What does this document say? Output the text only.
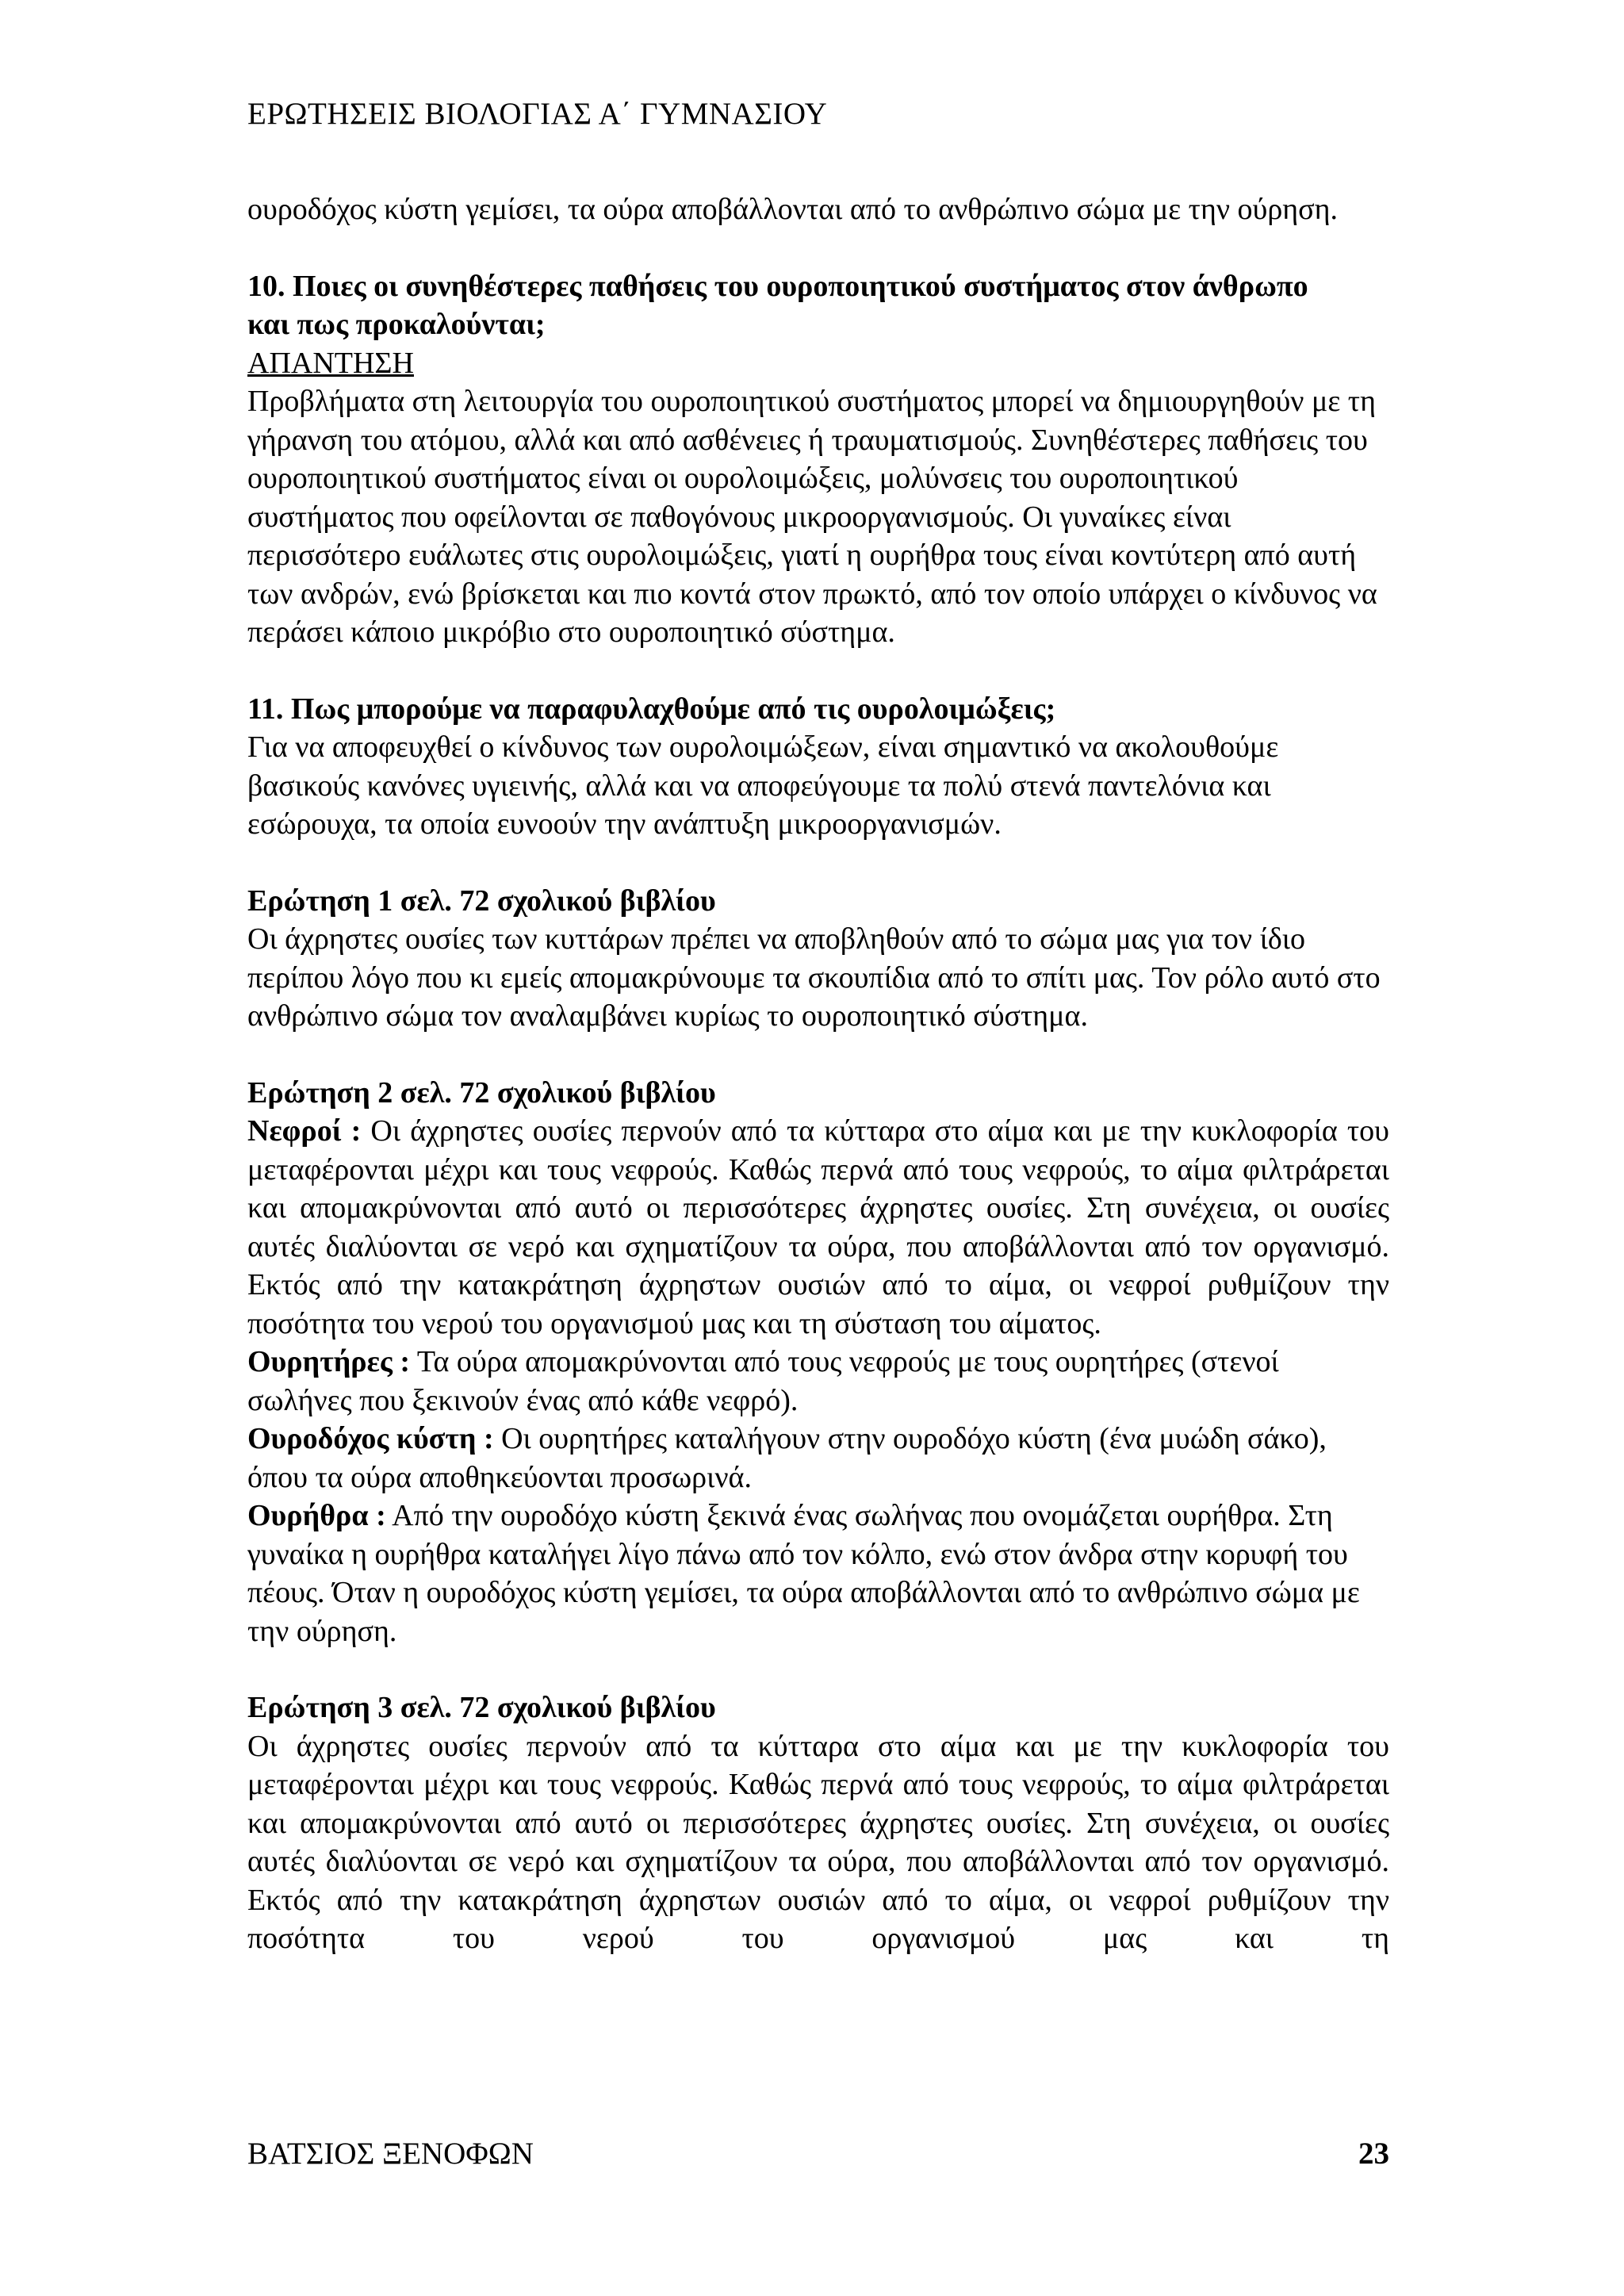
ΕΡΩΤΗΣΕΙΣ ΒΙΟΛΟΓΙΑΣ Α΄ ΓΥΜΝΑΣΙΟΥ

ουροδόχος κύστη γεμίσει, τα ούρα αποβάλλονται από το ανθρώπινο σώμα με την ούρηση.

10. Ποιες οι συνηθέστερες παθήσεις του ουροποιητικού συστήματος στον άνθρωπο και πως προκαλούνται;

ΑΠΑΝΤΗΣΗ

Προβλήματα στη λειτουργία του ουροποιητικού συστήματος μπορεί να δημιουργηθούν με τη γήρανση του ατόμου, αλλά και από ασθένειες ή τραυματισμούς. Συνηθέστερες παθήσεις του ουροποιητικού συστήματος είναι οι ουρολοιμώξεις, μολύνσεις του ουροποιητικού συστήματος που οφείλονται σε παθογόνους μικροοργανισμούς. Οι γυναίκες είναι περισσότερο ευάλωτες στις ουρολοιμώξεις, γιατί η ουρήθρα τους είναι κοντύτερη από αυτή των ανδρών, ενώ βρίσκεται και πιο κοντά στον πρωκτό, από τον οποίο υπάρχει ο κίνδυνος να περάσει κάποιο μικρόβιο στο ουροποιητικό σύστημα.

11. Πως μπορούμε να παραφυλαχθούμε από τις ουρολοιμώξεις;

Για να αποφευχθεί ο κίνδυνος των ουρολοιμώξεων, είναι σημαντικό να ακολουθούμε βασικούς κανόνες υγιεινής, αλλά και να αποφεύγουμε τα πολύ στενά παντελόνια και εσώρουχα, τα οποία ευνοούν την ανάπτυξη μικροοργανισμών.

Ερώτηση 1 σελ. 72 σχολικού βιβλίου

Οι άχρηστες ουσίες των κυττάρων πρέπει να αποβληθούν από το σώμα μας για τον ίδιο περίπου λόγο που κι εμείς απομακρύνουμε τα σκουπίδια από το σπίτι μας. Τον ρόλο αυτό στο ανθρώπινο σώμα τον αναλαμβάνει κυρίως το ουροποιητικό σύστημα.

Ερώτηση 2 σελ. 72 σχολικού βιβλίου

Νεφροί : Οι άχρηστες ουσίες περνούν από τα κύτταρα στο αίμα και με την κυκλοφορία του μεταφέρονται μέχρι και τους νεφρούς. Καθώς περνά από τους νεφρούς, το αίμα φιλτράρεται και απομακρύνονται από αυτό οι περισσότερες άχρηστες ουσίες. Στη συνέχεια, οι ουσίες αυτές διαλύονται σε νερό και σχηματίζουν τα ούρα, που αποβάλλονται από τον οργανισμό. Εκτός από την κατακράτηση άχρηστων ουσιών από το αίμα, οι νεφροί ρυθμίζουν την ποσότητα του νερού του οργανισμού μας και τη σύσταση του αίματος.

Ουρητήρες : Τα ούρα απομακρύνονται από τους νεφρούς με τους ουρητήρες (στενοί σωλήνες που ξεκινούν ένας από κάθε νεφρό).

Ουροδόχος κύστη : Οι ουρητήρες καταλήγουν στην ουροδόχο κύστη (ένα μυώδη σάκο), όπου τα ούρα αποθηκεύονται προσωρινά.

Ουρήθρα : Από την ουροδόχο κύστη ξεκινά ένας σωλήνας που ονομάζεται ουρήθρα. Στη γυναίκα η ουρήθρα καταλήγει λίγο πάνω από τον κόλπο, ενώ στον άνδρα στην κορυφή του πέους. Όταν η ουροδόχος κύστη γεμίσει, τα ούρα αποβάλλονται από το ανθρώπινο σώμα με την ούρηση.

Ερώτηση 3 σελ. 72 σχολικού βιβλίου

Οι άχρηστες ουσίες περνούν από τα κύτταρα στο αίμα και με την κυκλοφορία του μεταφέρονται μέχρι και τους νεφρούς. Καθώς περνά από τους νεφρούς, το αίμα φιλτράρεται και απομακρύνονται από αυτό οι περισσότερες άχρηστες ουσίες. Στη συνέχεια, οι ουσίες αυτές διαλύονται σε νερό και σχηματίζουν τα ούρα, που αποβάλλονται από τον οργανισμό. Εκτός από την κατακράτηση άχρηστων ουσιών από το αίμα, οι νεφροί ρυθμίζουν την ποσότητα του νερού του οργανισμού μας και τη

ΒΑΤΣΙΟΣ ΞΕΝΟΦΩΝ	23
